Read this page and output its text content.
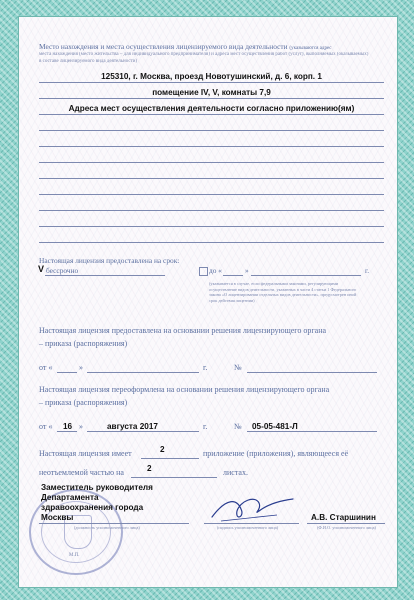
Место нахождения и места осуществления лицензируемого вида деятельности (указываются адрес
места нахождения (место жительства – для индивидуального предпринимателя) и адреса мест осуществления работ (услуг), выполняемых (оказываемых)
в составе лицензируемого вида деятельности)
125310, г. Москва, проезд Новотушинский, д. 6, корп. 1
помещение IV, V, комнаты 7,9
Адреса мест осуществления деятельности согласно приложению(ям)
Настоящая лицензия предоставлена на срок:
V бессрочно	до «	»	г.
(указывается в случае, если федеральными законами, регулирующими осуществление видов деятельности, указанных в части 4 статьи 1 Федерального закона «О лицензировании отдельных видов деятельности», предусмотрен иной срок действия лицензии)
Настоящая лицензия предоставлена на основании решения лицензирующего органа
– приказа (распоряжения)
от «	»	г.	№
Настоящая лицензия переоформлена на основании решения лицензирующего органа
– приказа (распоряжения)
от « 16 »	августа 2017	г.	№ 05-05-481-Л
Настоящая лицензия имеет	2	приложение (приложения), являющееся её
неотъемлемой частью на	2	листах.
М.П.
Заместитель руководителя
Департамента
здравоохранения города
Москвы
(должность уполномоченного лица)	(подпись уполномоченного лица)
А.В. Старшинин
(Ф.И.О. уполномоченного лица)
